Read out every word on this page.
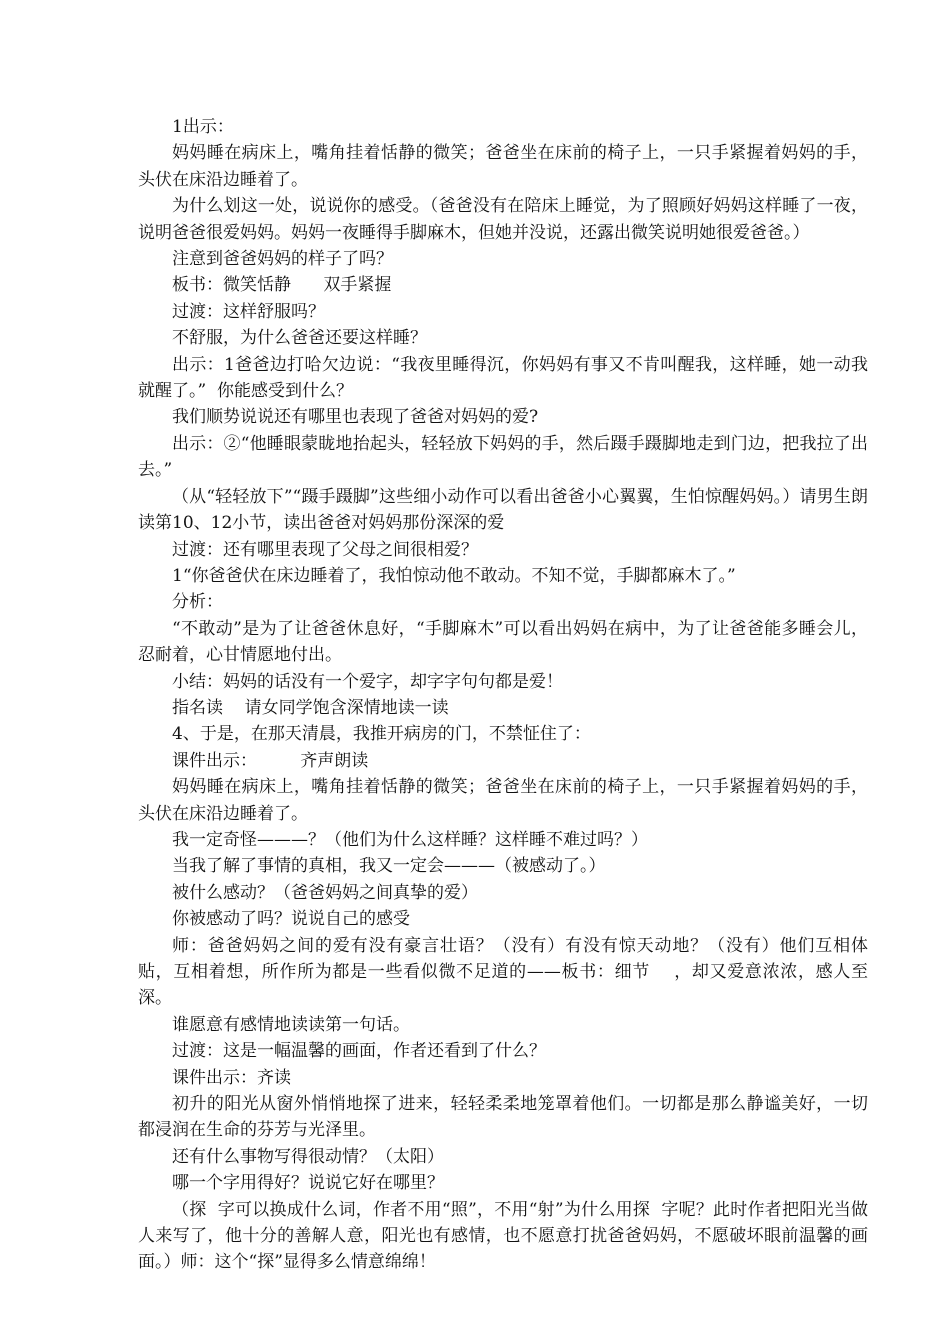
1出示：

妈妈睡在病床上，嘴角挂着恬静的微笑；爸爸坐在床前的椅子上，一只手紧握着妈妈的手，头伏在床沿边睡着了。

为什么划这一处，说说你的感受。（爸爸没有在陪床上睡觉，为了照顾好妈妈这样睡了一夜，说明爸爸很爱妈妈。妈妈一夜睡得手脚麻木，但她并没说，还露出微笑说明她很爱爸爸。）

注意到爸爸妈妈的样子了吗？

板书：微笑恬静      双手紧握

过渡：这样舒服吗？

不舒服，为什么爸爸还要这样睡？

出示：1爸爸边打哈欠边说：“我夜里睡得沉，你妈妈有事又不肯叫醒我，这样睡，她一动我就醒了。”  你能感受到什么？

我们顺势说说还有哪里也表现了爸爸对妈妈的爱?

出示：②“他睡眼蒙眬地抬起头，轻轻放下妈妈的手，然后蹑手蹑脚地走到门边，把我拉了出去。”

（从“轻轻放下”“蹑手蹑脚”这些细小动作可以看出爸爸小心翼翼，生怕惊醒妈妈。）请男生朗读第10、12小节，读出爸爸对妈妈那份深深的爱

过渡：还有哪里表现了父母之间很相爱？

1“你爸爸伏在床边睡着了，我怕惊动他不敢动。不知不觉，手脚都麻木了。”

分析：

“不敢动”是为了让爸爸休息好，“手脚麻木”可以看出妈妈在病中，为了让爸爸能多睡会儿，忍耐着，心甘情愿地付出。

小结：妈妈的话没有一个爱字，却字字句句都是爱！

指名读    请女同学饱含深情地读一读

4、于是，在那天清晨，我推开病房的门，不禁怔住了：

课件出示：        齐声朗读

妈妈睡在病床上，嘴角挂着恬静的微笑；爸爸坐在床前的椅子上，一只手紧握着妈妈的手，头伏在床沿边睡着了。

我一定奇怪———？（他们为什么这样睡？这样睡不难过吗？）

当我了解了事情的真相，我又一定会———（被感动了。）

被什么感动？（爸爸妈妈之间真挚的爱）

你被感动了吗？说说自己的感受

师：爸爸妈妈之间的爱有没有豪言壮语？（没有）有没有惊天动地？（没有）他们互相体贴，互相着想，所作所为都是一些看似微不足道的——板书：细节    ，却又爱意浓浓，感人至深。

谁愿意有感情地读读第一句话。

过渡：这是一幅温馨的画面，作者还看到了什么？

课件出示：齐读

初升的阳光从窗外悄悄地探了进来，轻轻柔柔地笼罩着他们。一切都是那么静谧美好，一切都浸润在生命的芬芳与光泽里。

还有什么事物写得很动情？（太阳）

哪一个字用得好？说说它好在哪里？

（探  字可以换成什么词，作者不用“照”，不用“射”为什么用探  字呢？此时作者把阳光当做人来写了，他十分的善解人意，阳光也有感情，也不愿意打扰爸爸妈妈，不愿破坏眼前温馨的画面。）师：这个“探”显得多么情意绵绵！
